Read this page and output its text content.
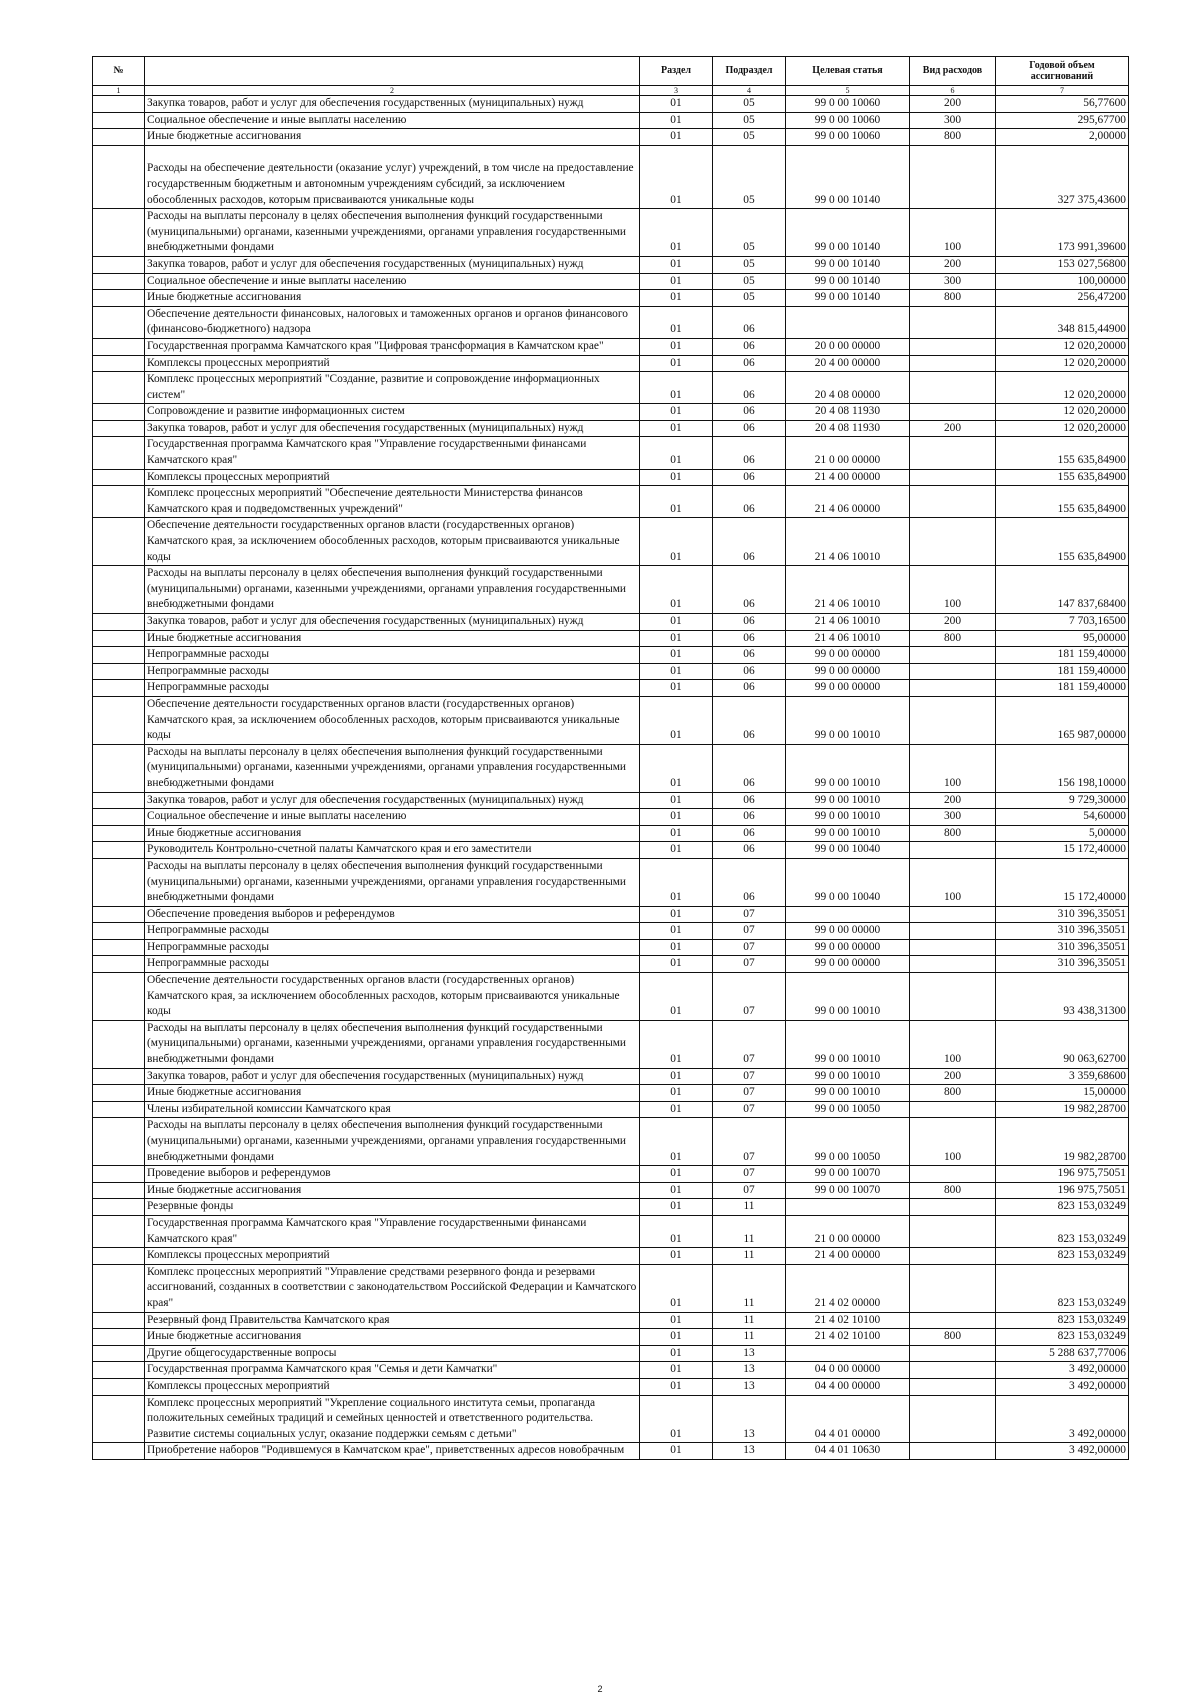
№		Раздел	Подраздел	Целевая статья	Вид расходов	Годовой объем ассигнований
1	2	3	4	5	6	7
	Закупка товаров, работ и услуг для обеспечения государственных (муниципальных) нужд	01	05	99 0 00 10060	200	56,77600
	Социальное обеспечение и иные выплаты населению	01	05	99 0 00 10060	300	295,67700
	Иные бюджетные ассигнования	01	05	99 0 00 10060	800	2,00000
	Расходы на обеспечение деятельности (оказание услуг) учреждений, в том числе на предоставление государственным бюджетным и автономным учреждениям субсидий, за исключением обособленных расходов, которым присваиваются уникальные коды	01	05	99 0 00 10140		327 375,43600
	Расходы на выплаты персоналу в целях обеспечения выполнения функций государственными (муниципальными) органами, казенными учреждениями, органами управления государственными внебюджетными фондами	01	05	99 0 00 10140	100	173 991,39600
	Закупка товаров, работ и услуг для обеспечения государственных (муниципальных) нужд	01	05	99 0 00 10140	200	153 027,56800
	Социальное обеспечение и иные выплаты населению	01	05	99 0 00 10140	300	100,00000
	Иные бюджетные ассигнования	01	05	99 0 00 10140	800	256,47200
	Обеспечение деятельности финансовых, налоговых и таможенных органов и органов финансового (финансово-бюджетного) надзора	01	06			348 815,44900
	Государственная программа Камчатского края "Цифровая трансформация в Камчатском крае"	01	06	20 0 00 00000		12 020,20000
	Комплексы процессных мероприятий	01	06	20 4 00 00000		12 020,20000
	Комплекс процессных мероприятий "Создание, развитие и сопровождение информационных систем"	01	06	20 4 08 00000		12 020,20000
	Сопровождение и развитие информационных систем	01	06	20 4 08 11930		12 020,20000
	Закупка товаров, работ и услуг для обеспечения государственных (муниципальных) нужд	01	06	20 4 08 11930	200	12 020,20000
	Государственная программа Камчатского края "Управление государственными финансами Камчатского края"	01	06	21 0 00 00000		155 635,84900
	Комплексы процессных мероприятий	01	06	21 4 00 00000		155 635,84900
	Комплекс процессных мероприятий "Обеспечение деятельности Министерства финансов Камчатского края и подведомственных учреждений"	01	06	21 4 06 00000		155 635,84900
	Обеспечение деятельности государственных органов власти (государственных органов) Камчатского края, за исключением обособленных расходов, которым присваиваются уникальные коды	01	06	21 4 06 10010		155 635,84900
	Расходы на выплаты персоналу в целях обеспечения выполнения функций государственными (муниципальными) органами, казенными учреждениями, органами управления государственными внебюджетными фондами	01	06	21 4 06 10010	100	147 837,68400
	Закупка товаров, работ и услуг для обеспечения государственных (муниципальных) нужд	01	06	21 4 06 10010	200	7 703,16500
	Иные бюджетные ассигнования	01	06	21 4 06 10010	800	95,00000
	Непрограммные расходы	01	06	99 0 00 00000		181 159,40000
	Непрограммные расходы	01	06	99 0 00 00000		181 159,40000
	Непрограммные расходы	01	06	99 0 00 00000		181 159,40000
	Обеспечение деятельности государственных органов власти (государственных органов) Камчатского края, за исключением обособленных расходов, которым присваиваются уникальные коды	01	06	99 0 00 10010		165 987,00000
	Расходы на выплаты персоналу в целях обеспечения выполнения функций государственными (муниципальными) органами, казенными учреждениями, органами управления государственными внебюджетными фондами	01	06	99 0 00 10010	100	156 198,10000
	Закупка товаров, работ и услуг для обеспечения государственных (муниципальных) нужд	01	06	99 0 00 10010	200	9 729,30000
	Социальное обеспечение и иные выплаты населению	01	06	99 0 00 10010	300	54,60000
	Иные бюджетные ассигнования	01	06	99 0 00 10010	800	5,00000
	Руководитель Контрольно-счетной палаты Камчатского края и его заместители	01	06	99 0 00 10040		15 172,40000
	Расходы на выплаты персоналу в целях обеспечения выполнения функций государственными (муниципальными) органами, казенными учреждениями, органами управления государственными внебюджетными фондами	01	06	99 0 00 10040	100	15 172,40000
	Обеспечение проведения выборов и референдумов	01	07			310 396,35051
	Непрограммные расходы	01	07	99 0 00 00000		310 396,35051
	Непрограммные расходы	01	07	99 0 00 00000		310 396,35051
	Непрограммные расходы	01	07	99 0 00 00000		310 396,35051
	Обеспечение деятельности государственных органов власти (государственных органов) Камчатского края, за исключением обособленных расходов, которым присваиваются уникальные коды	01	07	99 0 00 10010		93 438,31300
	Расходы на выплаты персоналу в целях обеспечения выполнения функций государственными (муниципальными) органами, казенными учреждениями, органами управления государственными внебюджетными фондами	01	07	99 0 00 10010	100	90 063,62700
	Закупка товаров, работ и услуг для обеспечения государственных (муниципальных) нужд	01	07	99 0 00 10010	200	3 359,68600
	Иные бюджетные ассигнования	01	07	99 0 00 10010	800	15,00000
	Члены избирательной комиссии Камчатского края	01	07	99 0 00 10050		19 982,28700
	Расходы на выплаты персоналу в целях обеспечения выполнения функций государственными (муниципальными) органами, казенными учреждениями, органами управления государственными внебюджетными фондами	01	07	99 0 00 10050	100	19 982,28700
	Проведение выборов и референдумов	01	07	99 0 00 10070		196 975,75051
	Иные бюджетные ассигнования	01	07	99 0 00 10070	800	196 975,75051
	Резервные фонды	01	11			823 153,03249
	Государственная программа Камчатского края "Управление государственными финансами Камчатского края"	01	11	21 0 00 00000		823 153,03249
	Комплексы процессных мероприятий	01	11	21 4 00 00000		823 153,03249
	Комплекс процессных мероприятий "Управление средствами резервного фонда и резервами ассигнований, созданных в соответствии с законодательством Российской Федерации и Камчатского края"	01	11	21 4 02 00000		823 153,03249
	Резервный фонд Правительства Камчатского края	01	11	21 4 02 10100		823 153,03249
	Иные бюджетные ассигнования	01	11	21 4 02 10100	800	823 153,03249
	Другие общегосударственные вопросы	01	13			5 288 637,77006
	Государственная программа Камчатского края "Семья и дети Камчатки"	01	13	04 0 00 00000		3 492,00000
	Комплексы процессных мероприятий	01	13	04 4 00 00000		3 492,00000
	Комплекс процессных мероприятий "Укрепление социального института семьи, пропаганда положительных семейных традиций и семейных ценностей и ответственного родительства. Развитие системы социальных услуг, оказание поддержки семьям с детьми"	01	13	04 4 01 00000		3 492,00000
	Приобретение наборов "Родившемуся в Камчатском крае", приветственных адресов новобрачным	01	13	04 4 01 10630		3 492,00000
2
